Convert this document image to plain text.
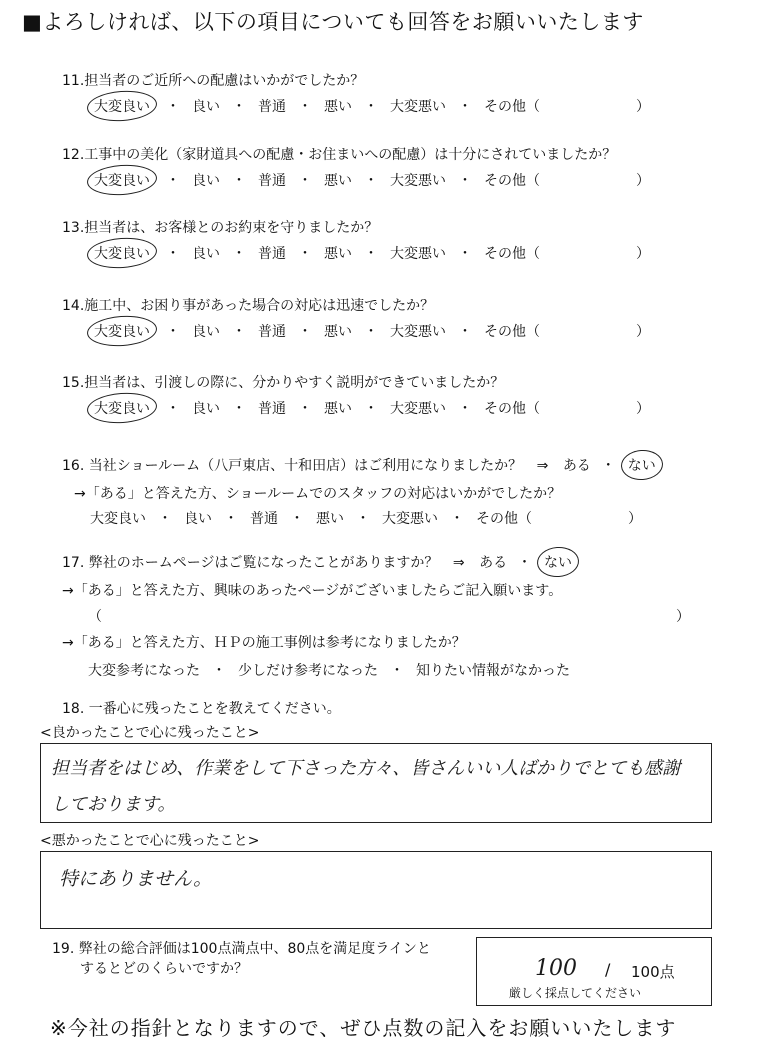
■よろしければ、以下の項目についても回答をお願いいたします
11.担当者のご近所への配慮はいかがでしたか？
大変良い ・ 良い ・ 普通 ・ 悪い ・ 大変悪い ・ その他（	）
12.工事中の美化（家財道具への配慮・お住まいへの配慮）は十分にされていましたか？
大変良い ・ 良い ・ 普通 ・ 悪い ・ 大変悪い ・ その他（	）
13.担当者は、お客様とのお約束を守りましたか？
大変良い ・ 良い ・ 普通 ・ 悪い ・ 大変悪い ・ その他（	）
14.施工中、お困り事があった場合の対応は迅速でしたか？
大変良い ・ 良い ・ 普通 ・ 悪い ・ 大変悪い ・ その他（	）
15.担当者は、引渡しの際に、分かりやすく説明ができていましたか？
大変良い ・ 良い ・ 普通 ・ 悪い ・ 大変悪い ・ その他（	）
16. 当社ショールーム（八戸東店、十和田店）はご利用になりましたか？ ⇒ ある ・ ない
→「ある」と答えた方、ショールームでのスタッフの対応はいかがでしたか？
大変良い ・ 良い ・ 普通 ・ 悪い ・ 大変悪い ・ その他（	）
17. 弊社のホームページはご覧になったことがありますか？ ⇒ ある ・ ない
→「ある」と答えた方、興味のあったページがございましたらご記入願います。
（	）
→「ある」と答えた方、ＨＰの施工事例は参考になりましたか？
大変参考になった ・ 少しだけ参考になった ・ 知りたい情報がなかった
18. 一番心に残ったことを教えてください。
<良かったことで心に残ったこと>
担当者をはじめ、作業をして下さった方々、皆さんいい人ばかりでとても感謝
しております。
<悪かったことで心に残ったこと>
特にありません。
19. 弊社の総合評価は100点満点中、80点を満足度ラインと
するとどのくらいですか？	100 / 100点
厳しく採点してください
※今社の指針となりますので、ぜひ点数の記入をお願いいたします
